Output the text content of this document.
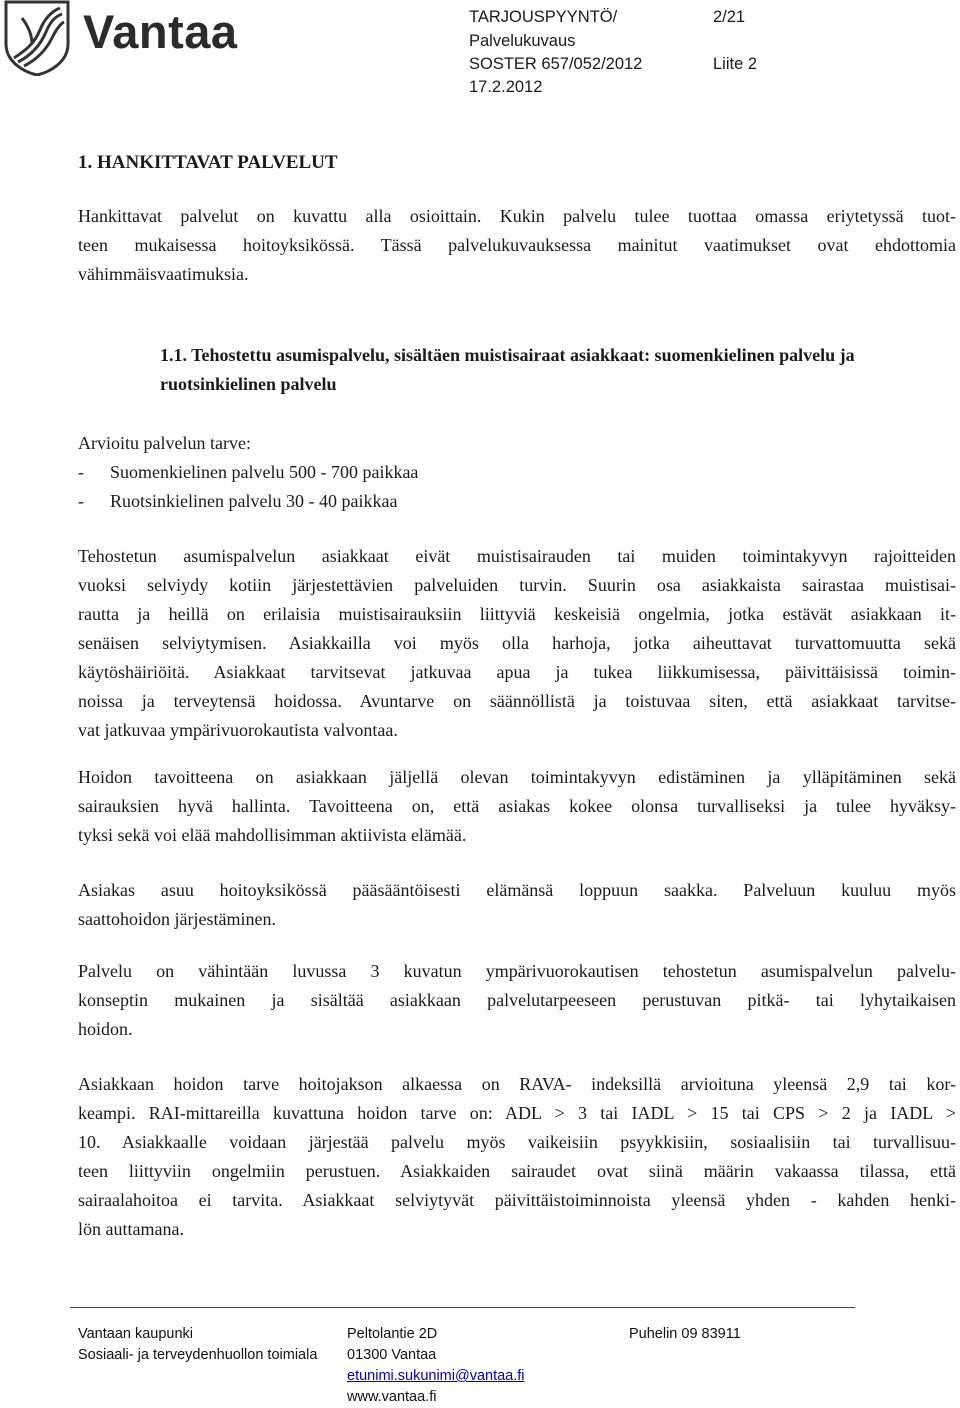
Vantaa	TARJOUSPYYNTÖ/	2/21
Palvelukuvaus
SOSTER 657/052/2012	Liite 2
17.2.2012
1. HANKITTAVAT PALVELUT
Hankittavat palvelut on kuvattu alla osioittain. Kukin palvelu tulee tuottaa omassa eriytetyssä tuot-
teen mukaisessa hoitoyksikössä. Tässä palvelukuvauksessa mainitut vaatimukset ovat ehdottomia
vähimmäisvaatimuksia.
1.1. Tehostettu asumispalvelu, sisältäen muistisairaat asiakkaat: suomenkielinen palvelu ja ruotsinkielinen palvelu
Arvioitu palvelun tarve:
- Suomenkielinen palvelu 500 - 700 paikkaa
- Ruotsinkielinen palvelu 30 - 40 paikkaa
Tehostetun asumispalvelun asiakkaat eivät muistisairauden tai muiden toimintakyvyn rajoitteiden
vuoksi selviydy kotiin järjestettävien palveluiden turvin. Suurin osa asiakkaista sairastaa muistisai-
rautta ja heillä on erilaisia muistisairauksiin liittyviä keskeisiä ongelmia, jotka estävät asiakkaan it-
senäisen selviytymisen. Asiakkailla voi myös olla harhoja, jotka aiheuttavat turvattomuutta sekä
käytöshäiriöitä. Asiakkaat tarvitsevat jatkuvaa apua ja tukea liikkumisessa, päivittäisissä toimin-
noissa ja terveytensä hoidossa. Avuntarve on säännöllistä ja toistuvaa siten, että asiakkaat tarvitse-
vat jatkuvaa ympärivuorokautista valvontaa.
Hoidon tavoitteena on asiakkaan jäljellä olevan toimintakyvyn edistäminen ja ylläpitäminen sekä
sairauksien hyvä hallinta. Tavoitteena on, että asiakas kokee olonsa turvalliseksi ja tulee hyväksy-
tyksi sekä voi elää mahdollisimman aktiivista elämää.
Asiakas asuu hoitoyksikössä pääsääntöisesti elämänsä loppuun saakka. Palveluun kuuluu myös
saattohoidon järjestäminen.
Palvelu on vähintään luvussa 3 kuvatun ympärivuorokautisen tehostetun asumispalvelun palvelu-
konseptin mukainen ja sisältää asiakkaan palvelutarpeeseen perustuvan pitkä- tai lyhytaikaisen
hoidon.
Asiakkaan hoidon tarve hoitojakson alkaessa on RAVA- indeksillä arvioituna yleensä 2,9 tai kor-
keampi. RAI-mittareilla kuvattuna hoidon tarve on: ADL > 3 tai IADL > 15 tai CPS > 2 ja IADL >
10. Asiakkaalle voidaan järjestää palvelu myös vaikeisiin psyykkisiin, sosiaalisiin tai turvallisuu-
teen liittyviin ongelmiin perustuen. Asiakkaiden sairaudet ovat siinä määrin vakaassa tilassa, että
sairaalahoitoa ei tarvita. Asiakkaat selviytyvät päivittäistoiminnoista yleensä yhden - kahden henki-
lön auttamana.
Vantaan kaupunki
Sosiaali- ja terveydenhuollon toimiala
Peltolantie 2D
01300 Vantaa
etunimi.sukunimi@vantaa.fi
www.vantaa.fi
Puhelin 09 83911
